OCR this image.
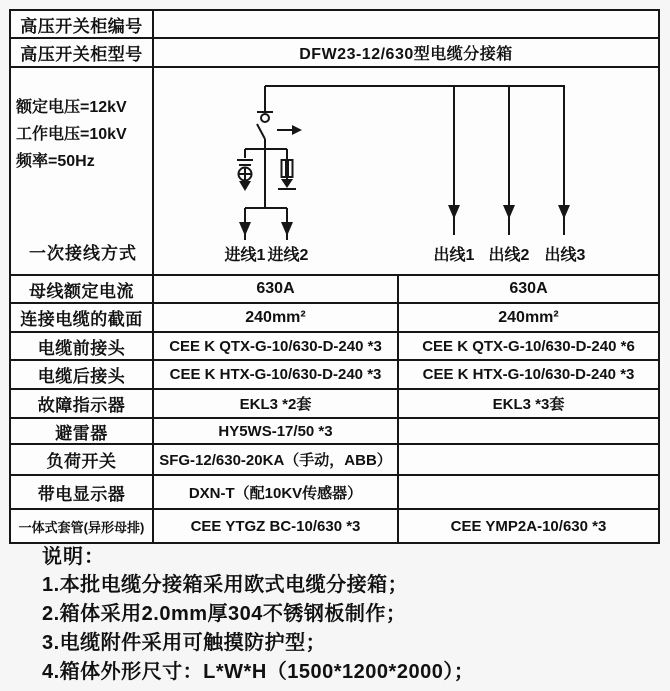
高压开关柜编号
高压开关柜型号	DFW23-12/630型电缆分接箱
额定电压=12kV
工作电压=10kV
频率=50Hz
一次接线方式	进线1 进线2	出线1 出线2 出线3
母线额定电流	630A	630A
连接电缆的截面	240mm²	240mm²
电缆前接头	CEE K QTX-G-10/630-D-240 *3	CEE K QTX-G-10/630-D-240 *6
电缆后接头	CEE K HTX-G-10/630-D-240 *3	CEE K HTX-G-10/630-D-240 *3
故障指示器	EKL3 *2套	EKL3 *3套
避雷器	HY5WS-17/50 *3
负荷开关	SFG-12/630-20KA（手动，ABB）
带电显示器	DXN-T（配10KV传感器）
一体式套管(异形母排)	CEE YTGZ BC-10/630 *3	CEE YMP2A-10/630 *3
说明：
1.本批电缆分接箱采用欧式电缆分接箱；
2.箱体采用2.0mm厚304不锈钢板制作；
3.电缆附件采用可触摸防护型；
4.箱体外形尺寸：L*W*H（1500*1200*2000）；
